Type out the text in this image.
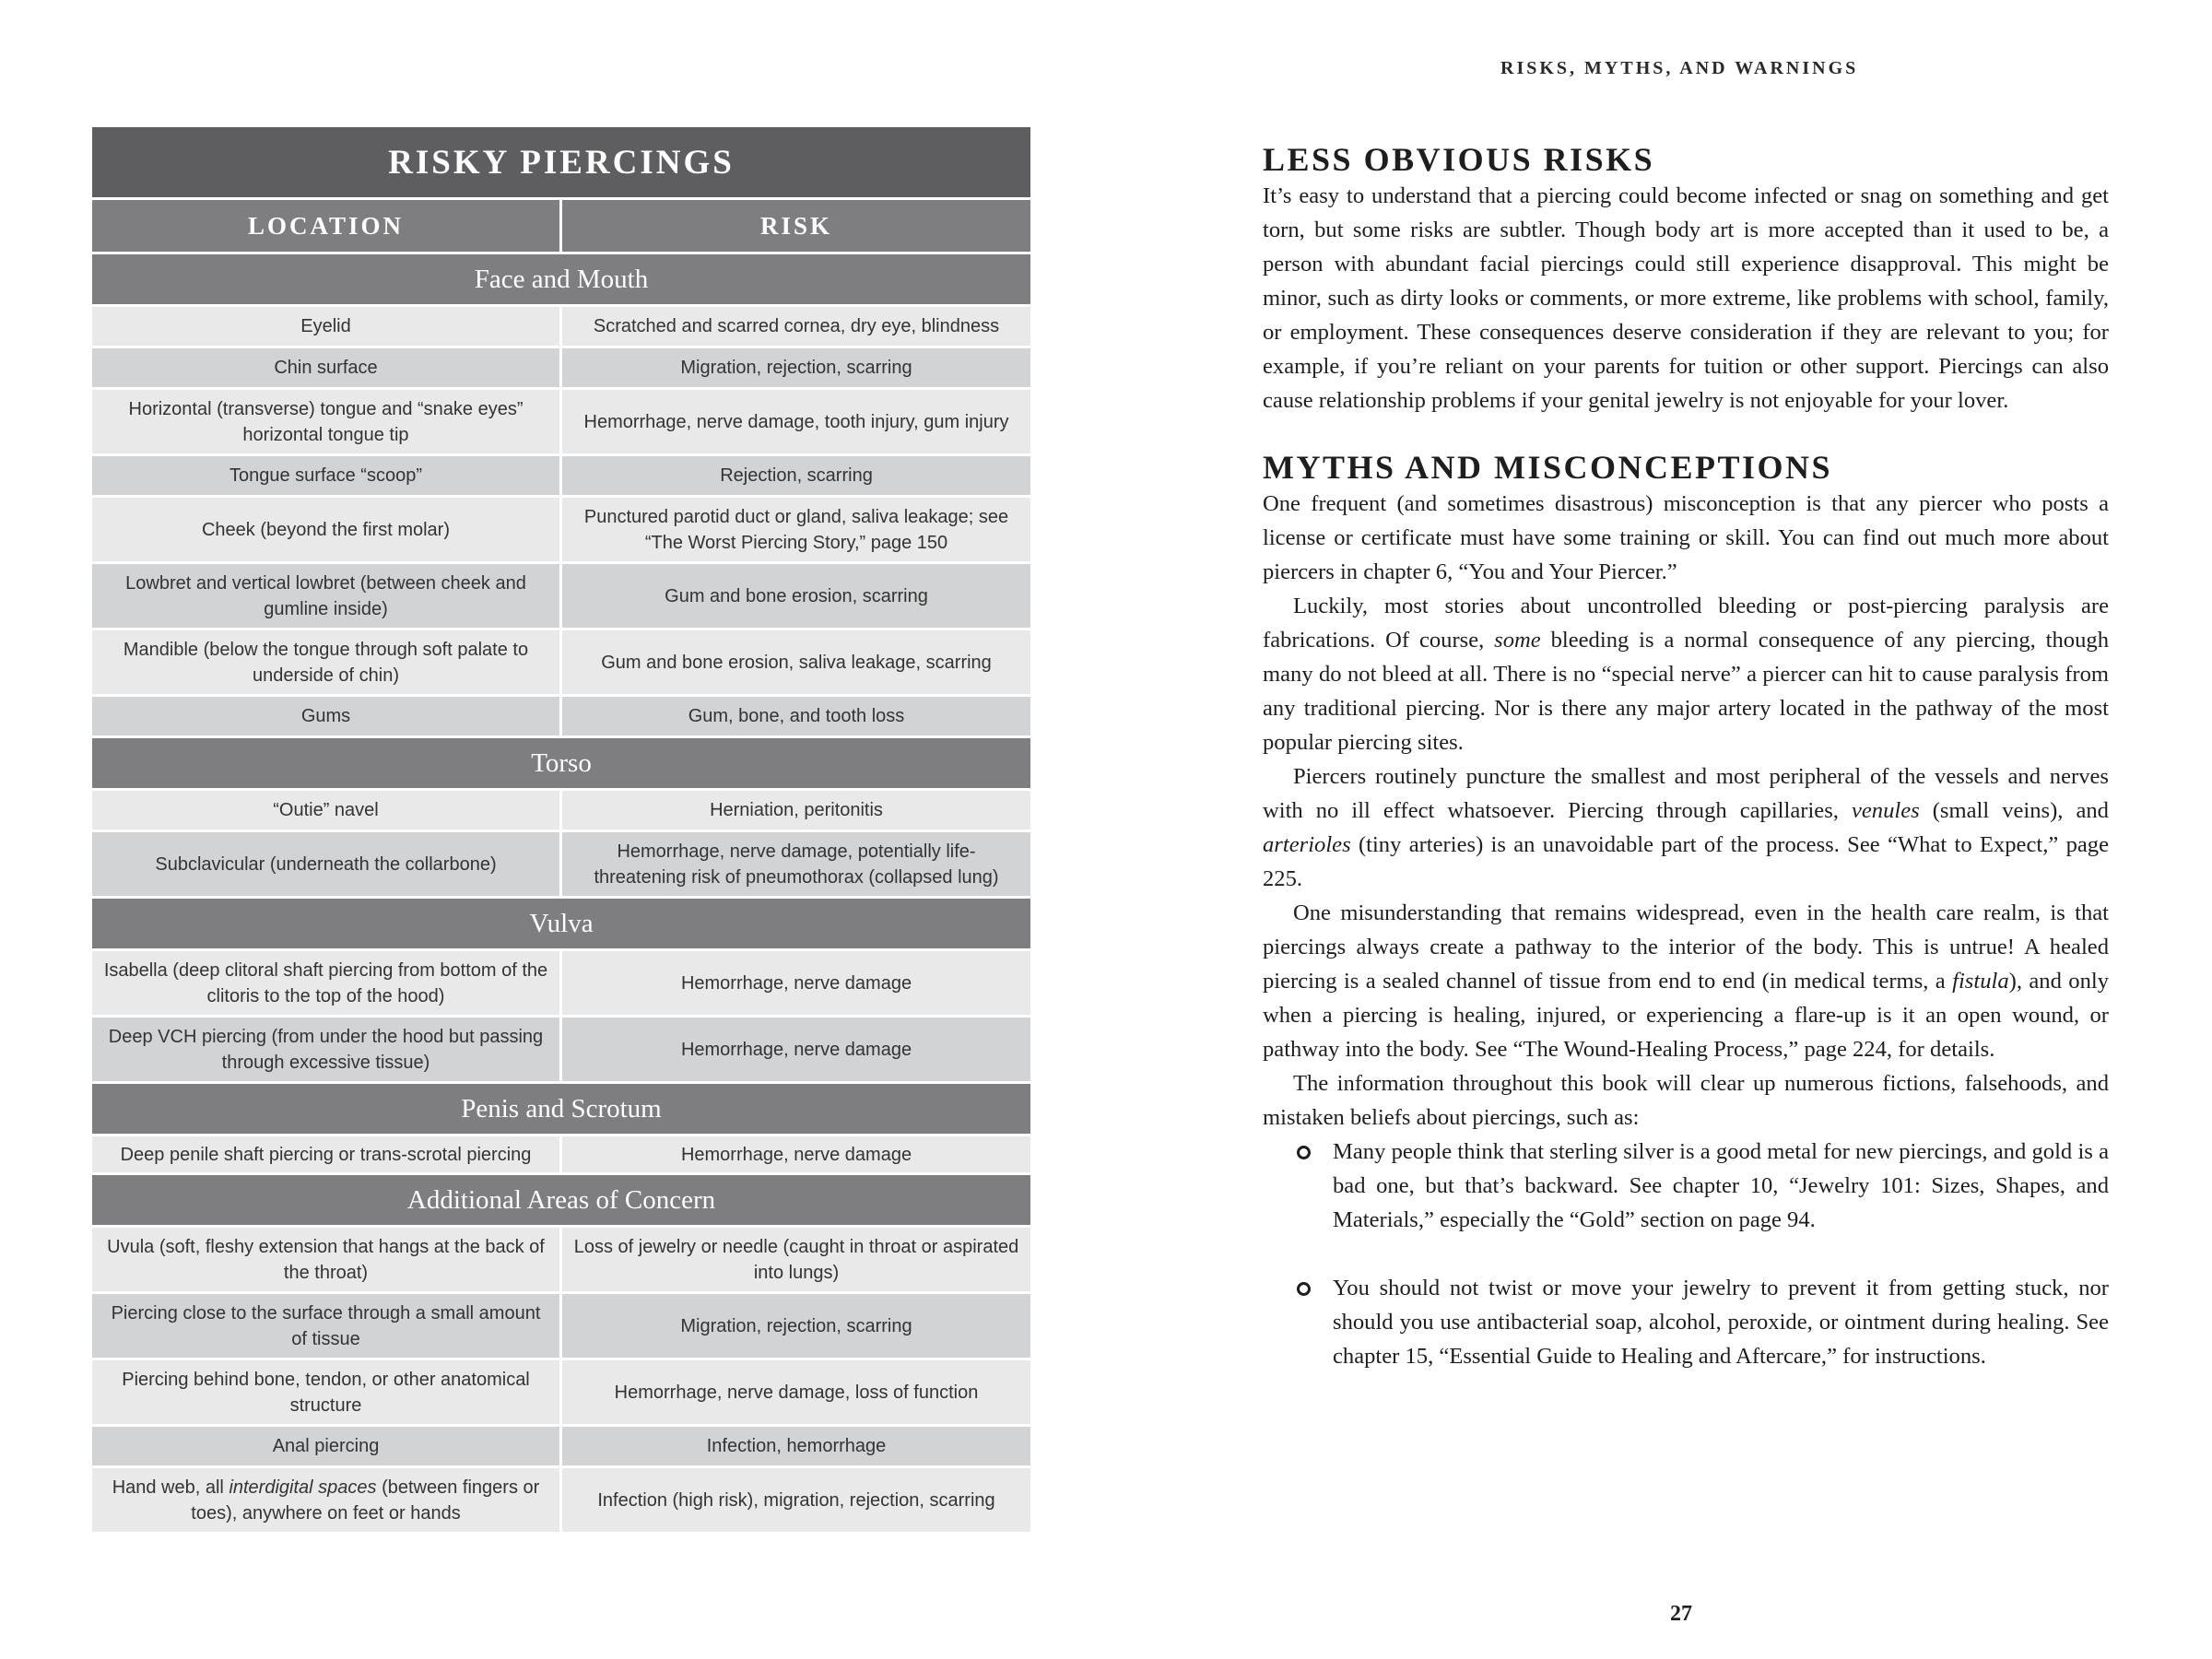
RISKY PIERCINGS	
LOCATION	RISK
Face and Mouth	
Eyelid	Scratched and scarred cornea, dry eye, blindness
Chin surface	Migration, rejection, scarring
Horizontal (transverse) tongue and “snake eyes” horizontal tongue tip	Hemorrhage, nerve damage, tooth injury, gum injury
Tongue surface “scoop”	Rejection, scarring
Cheek (beyond the first molar)	Punctured parotid duct or gland, saliva leakage; see “The Worst Piercing Story,” page 150
Lowbret and vertical lowbret (between cheek and gumline inside)	Gum and bone erosion, scarring
Mandible (below the tongue through soft palate to underside of chin)	Gum and bone erosion, saliva leakage, scarring
Gums	Gum, bone, and tooth loss
Torso	
“Outie” navel	Herniation, peritonitis
Subclavicular (underneath the collarbone)	Hemorrhage, nerve damage, potentially life-threatening risk of pneumothorax (collapsed lung)
Vulva	
Isabella (deep clitoral shaft piercing from bottom of the clitoris to the top of the hood)	Hemorrhage, nerve damage
Deep VCH piercing (from under the hood but passing through excessive tissue)	Hemorrhage, nerve damage
Penis and Scrotum	
Deep penile shaft piercing or trans-scrotal piercing	Hemorrhage, nerve damage
Additional Areas of Concern	
Uvula (soft, fleshy extension that hangs at the back of the throat)	Loss of jewelry or needle (caught in throat or aspirated into lungs)
Piercing close to the surface through a small amount of tissue	Migration, rejection, scarring
Piercing behind bone, tendon, or other anatomical structure	Hemorrhage, nerve damage, loss of function
Anal piercing	Infection, hemorrhage
Hand web, all interdigital spaces (between fingers or toes), anywhere on feet or hands	Infection (high risk), migration, rejection, scarring
RISKS, MYTHS, AND WARNINGS
LESS OBVIOUS RISKS

It’s easy to understand that a piercing could become infected or snag on something and get torn, but some risks are subtler. Though body art is more accepted than it used to be, a person with abundant facial piercings could still experience disapproval. This might be minor, such as dirty looks or comments, or more extreme, like problems with school, family, or employment. These consequences deserve consideration if they are relevant to you; for example, if you’re reliant on your parents for tuition or other support. Piercings can also cause relationship problems if your genital jewelry is not enjoyable for your lover.

MYTHS AND MISCONCEPTIONS

One frequent (and sometimes disastrous) misconception is that any piercer who posts a license or certificate must have some training or skill. You can find out much more about piercers in chapter 6, “You and Your Piercer.”

Luckily, most stories about uncontrolled bleeding or post-piercing paralysis are fabrications. Of course, some bleeding is a normal consequence of any piercing, though many do not bleed at all. There is no “special nerve” a piercer can hit to cause paralysis from any traditional piercing. Nor is there any major artery located in the pathway of the most popular piercing sites.

Piercers routinely puncture the smallest and most peripheral of the vessels and nerves with no ill effect whatsoever. Piercing through capillaries, venules (small veins), and arterioles (tiny arteries) is an unavoidable part of the process. See “What to Expect,” page 225.

One misunderstanding that remains widespread, even in the health care realm, is that piercings always create a pathway to the interior of the body. This is untrue! A healed piercing is a sealed channel of tissue from end to end (in medical terms, a fistula), and only when a piercing is healing, injured, or experiencing a flare-up is it an open wound, or pathway into the body. See “The Wound-Healing Process,” page 224, for details.

The information throughout this book will clear up numerous fictions, falsehoods, and mistaken beliefs about piercings, such as:

Many people think that sterling silver is a good metal for new piercings, and gold is a bad one, but that’s backward. See chapter 10, “Jewelry 101: Sizes, Shapes, and Materials,” especially the “Gold” section on page 94.
You should not twist or move your jewelry to prevent it from getting stuck, nor should you use antibacterial soap, alcohol, peroxide, or ointment during healing. See chapter 15, “Essential Guide to Healing and Aftercare,” for instructions.
27
